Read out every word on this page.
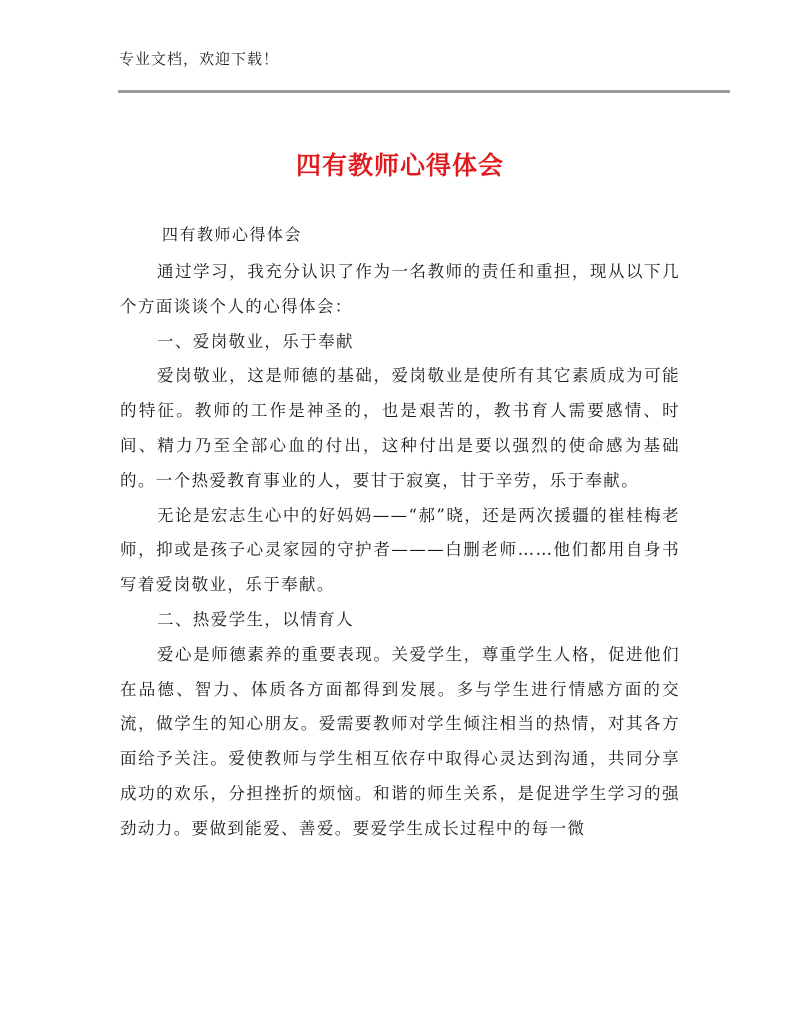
专业文档，欢迎下载！
四有教师心得体会
四有教师心得体会

通过学习，我充分认识了作为一名教师的责任和重担，现从以下几个方面谈谈个人的心得体会：

一、爱岗敬业，乐于奉献

爱岗敬业，这是师德的基础，爱岗敬业是使所有其它素质成为可能的特征。教师的工作是神圣的，也是艰苦的，教书育人需要感情、时间、精力乃至全部心血的付出，这种付出是要以强烈的使命感为基础的。一个热爱教育事业的人，要甘于寂寞，甘于辛劳，乐于奉献。

无论是宏志生心中的好妈妈——“郝”晓，还是两次援疆的崔桂梅老师，抑或是孩子心灵家园的守护者———白删老师……他们都用自身书写着爱岗敬业，乐于奉献。

二、热爱学生，以情育人

爱心是师德素养的重要表现。关爱学生，尊重学生人格，促进他们在品德、智力、体质各方面都得到发展。多与学生进行情感方面的交流，做学生的知心朋友。爱需要教师对学生倾注相当的热情，对其各方面给予关注。爱使教师与学生相互依存中取得心灵达到沟通，共同分享成功的欢乐，分担挫折的烦恼。和谐的师生关系，是促进学生学习的强劲动力。要做到能爱、善爱。要爱学生成长过程中的每一微
